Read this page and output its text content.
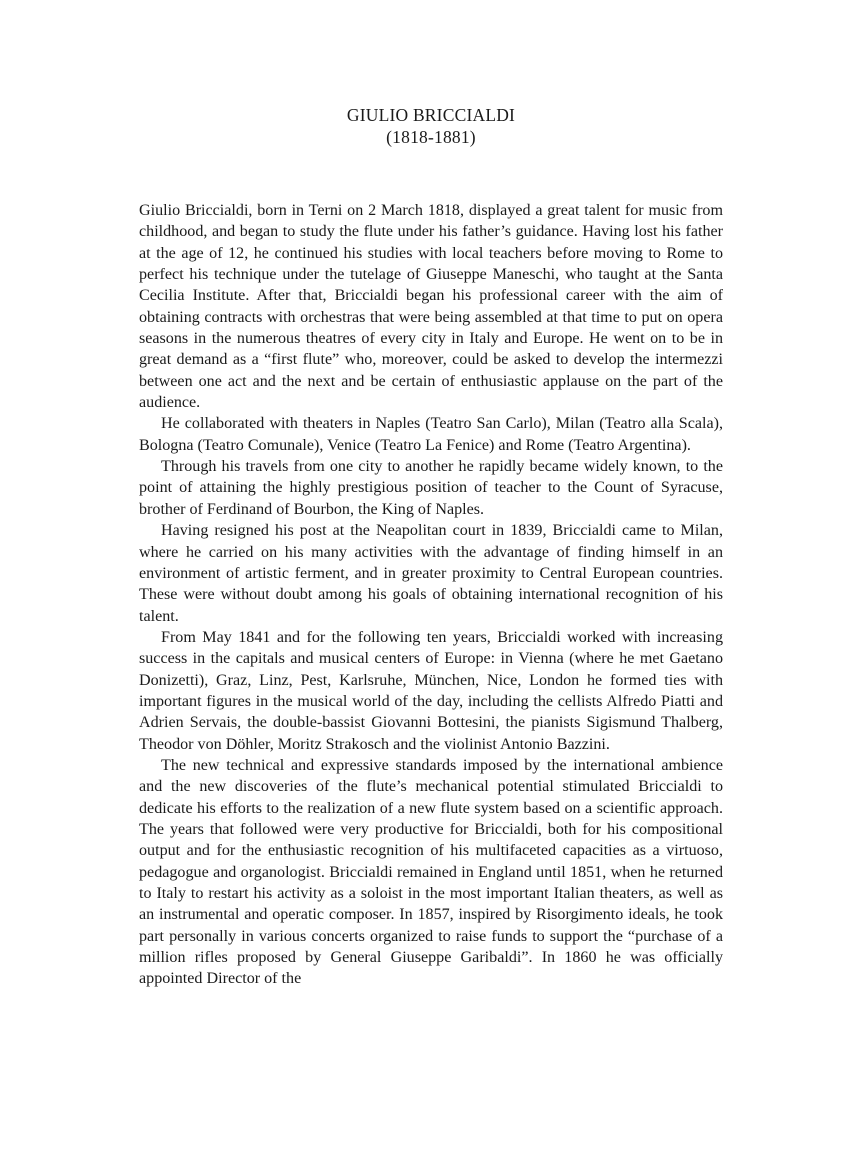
GIULIO BRICCIALDI
(1818-1881)

Giulio Briccialdi, born in Terni on 2 March 1818, displayed a great talent for music from childhood, and began to study the flute under his father’s guidance. Having lost his father at the age of 12, he continued his studies with local teachers before moving to Rome to perfect his technique under the tutelage of Giuseppe Maneschi, who taught at the Santa Cecilia Institute. After that, Briccialdi began his professional career with the aim of obtaining contracts with orchestras that were being assembled at that time to put on opera seasons in the numerous theatres of every city in Italy and Europe. He went on to be in great demand as a “first flute” who, moreover, could be asked to develop the intermezzi between one act and the next and be certain of enthusiastic applause on the part of the audience.

He collaborated with theaters in Naples (Teatro San Carlo), Milan (Teatro alla Scala), Bologna (Teatro Comunale), Venice (Teatro La Fenice) and Rome (Teatro Argentina).

Through his travels from one city to another he rapidly became widely known, to the point of attaining the highly prestigious position of teacher to the Count of Syracuse, brother of Ferdinand of Bourbon, the King of Naples.

Having resigned his post at the Neapolitan court in 1839, Briccialdi came to Milan, where he carried on his many activities with the advantage of finding himself in an environment of artistic ferment, and in greater proximity to Central European countries. These were without doubt among his goals of obtaining international recognition of his talent.

From May 1841 and for the following ten years, Briccialdi worked with increasing success in the capitals and musical centers of Europe: in Vienna (where he met Gaetano Donizetti), Graz, Linz, Pest, Karlsruhe, München, Nice, London he formed ties with important figures in the musical world of the day, including the cellists Alfredo Piatti and Adrien Servais, the double-bassist Giovanni Bottesini, the pianists Sigismund Thalberg, Theodor von Döhler, Moritz Strakosch and the violinist Antonio Bazzini.

The new technical and expressive standards imposed by the international ambience and the new discoveries of the flute’s mechanical potential stimulated Briccialdi to dedicate his efforts to the realization of a new flute system based on a scientific approach. The years that followed were very productive for Briccialdi, both for his compositional output and for the enthusiastic recognition of his multifaceted capacities as a virtuoso, pedagogue and organologist. Briccialdi remained in England until 1851, when he returned to Italy to restart his activity as a soloist in the most important Italian theaters, as well as an instrumental and operatic composer. In 1857, inspired by Risorgimento ideals, he took part personally in various concerts organized to raise funds to support the “purchase of a million rifles proposed by General Giuseppe Garibaldi”. In 1860 he was officially appointed Director of the
